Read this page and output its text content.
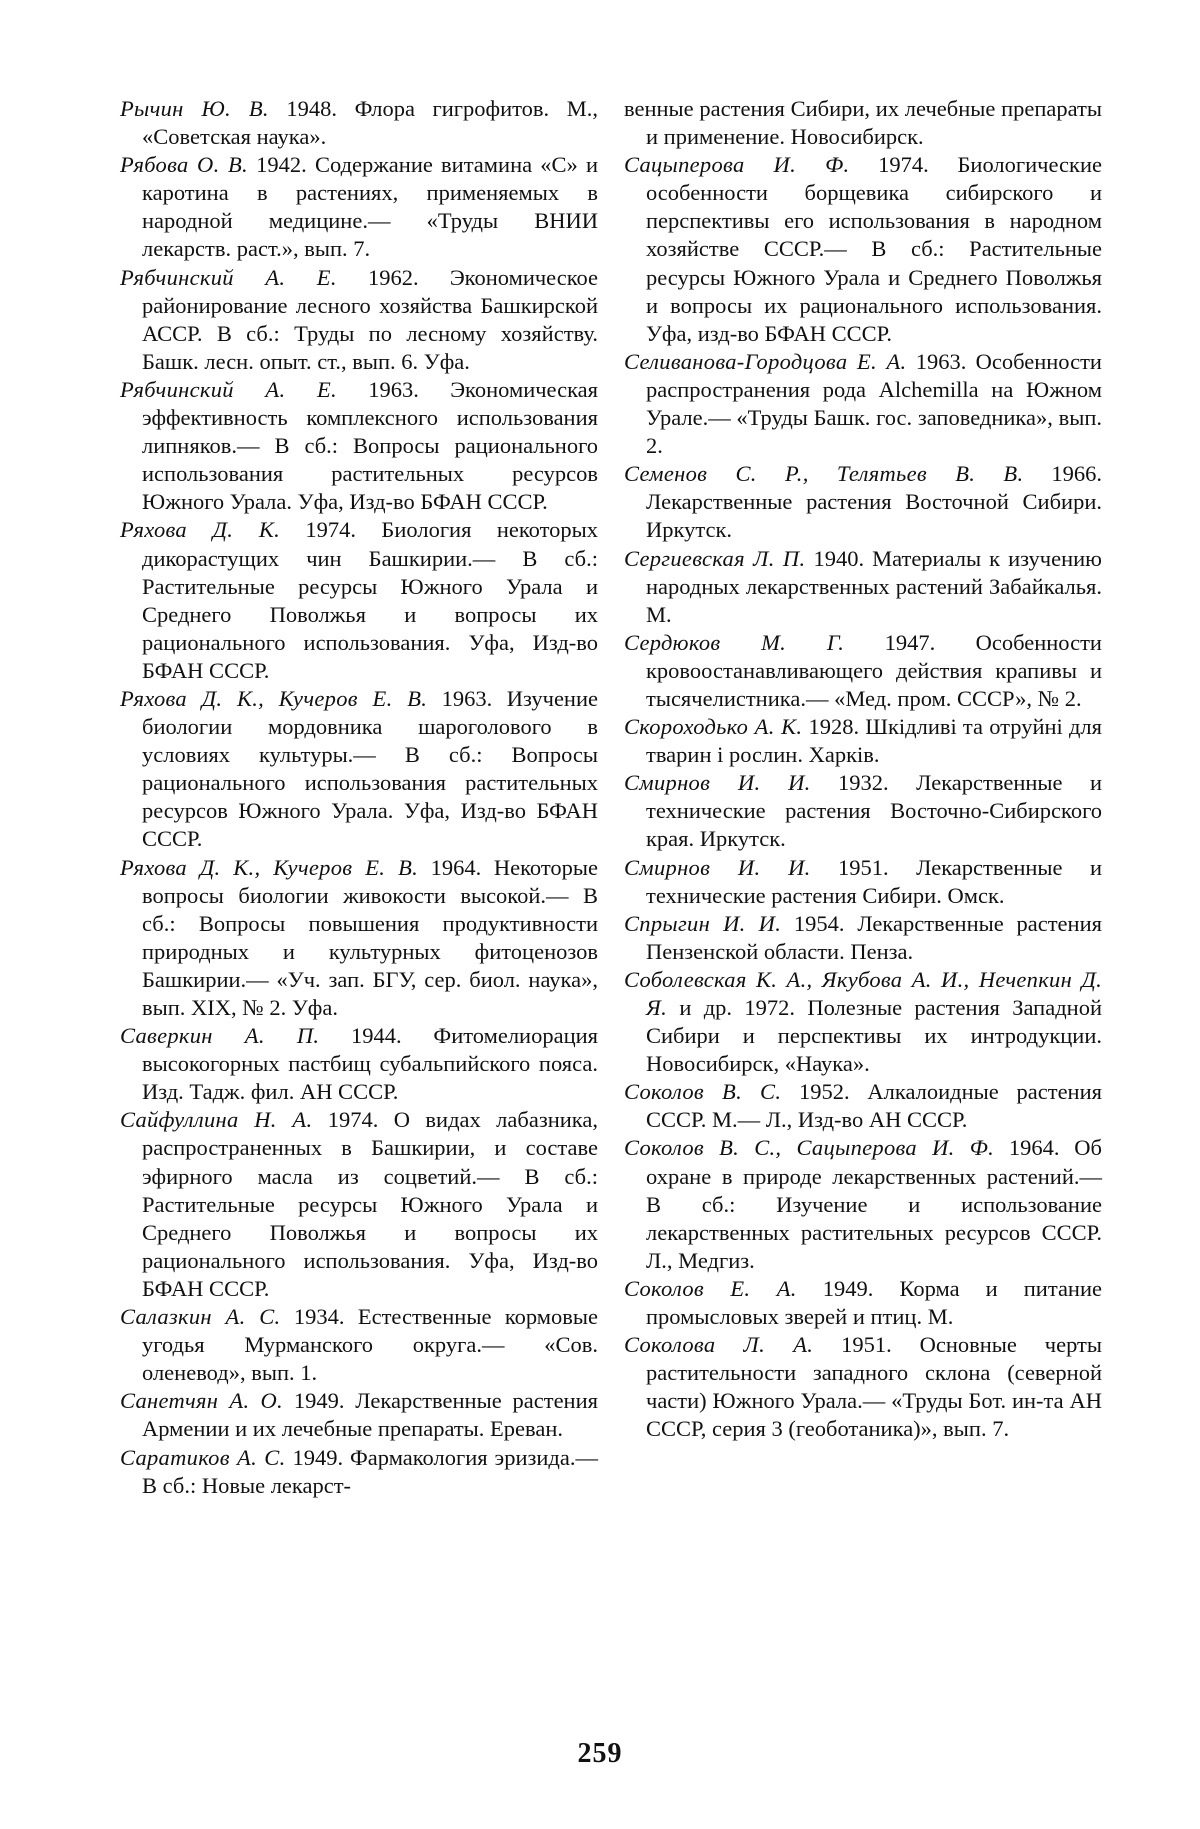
Рычин Ю. В. 1948. Флора гигрофитов. М., «Советская наука».
Рябова О. В. 1942. Содержание витамина «С» и каротина в растениях, применяемых в народной медицине.— «Труды ВНИИ лекарств. раст.», вып. 7.
Рябчинский А. Е. 1962. Экономическое районирование лесного хозяйства Башкирской АССР. В сб.: Труды по лесному хозяйству. Башк. лесн. опыт. ст., вып. 6. Уфа.
Рябчинский А. Е. 1963. Экономическая эффективность комплексного использования липняков.— В сб.: Вопросы рационального использования растительных ресурсов Южного Урала. Уфа, Изд-во БФАН СССР.
Ряхова Д. К. 1974. Биология некоторых дикорастущих чин Башкирии.— В сб.: Растительные ресурсы Южного Урала и Среднего Поволжья и вопросы их рационального использования. Уфа, Изд-во БФАН СССР.
Ряхова Д. К., Кучеров Е. В. 1963. Изучение биологии мордовника шароголового в условиях культуры.— В сб.: Вопросы рационального использования растительных ресурсов Южного Урала. Уфа, Изд-во БФАН СССР.
Ряхова Д. К., Кучеров Е. В. 1964. Некоторые вопросы биологии живокости высокой.— В сб.: Вопросы повышения продуктивности природных и культурных фитоценозов Башкирии.— «Уч. зап. БГУ, сер. биол. наука», вып. XIX, № 2. Уфа.
Саверкин А. П. 1944. Фитомелиорация высокогорных пастбищ субальпийского пояса. Изд. Тадж. фил. АН СССР.
Сайфуллина Н. А. 1974. О видах лабазника, распространенных в Башкирии, и составе эфирного масла из соцветий.— В сб.: Растительные ресурсы Южного Урала и Среднего Поволжья и вопросы их рационального использования. Уфа, Изд-во БФАН СССР.
Салазкин А. С. 1934. Естественные кормовые угодья Мурманского округа.— «Сов. оленевод», вып. 1.
Санетчян А. О. 1949. Лекарственные растения Армении и их лечебные препараты. Ереван.
Саратиков А. С. 1949. Фармакология эризида.— В сб.: Новые лекарст-
венные растения Сибири, их лечебные препараты и применение. Новосибирск.
Сацыперова И. Ф. 1974. Биологические особенности борщевика сибирского и перспективы его использования в народном хозяйстве СССР.— В сб.: Растительные ресурсы Южного Урала и Среднего Поволжья и вопросы их рационального использования. Уфа, изд-во БФАН СССР.
Селиванова-Городцова Е. А. 1963. Особенности распространения рода Alchemilla на Южном Урале.— «Труды Башк. гос. заповедника», вып. 2.
Семенов С. Р., Телятьев В. В. 1966. Лекарственные растения Восточной Сибири. Иркутск.
Сергиевская Л. П. 1940. Материалы к изучению народных лекарственных растений Забайкалья. М.
Сердюков М. Г. 1947. Особенности кровоостанавливающего действия крапивы и тысячелистника.— «Мед. пром. СССР», № 2.
Скороходько А. К. 1928. Шкідливі та отруйні для тварин і рослин. Харків.
Смирнов И. И. 1932. Лекарственные и технические растения Восточно-Сибирского края. Иркутск.
Смирнов И. И. 1951. Лекарственные и технические растения Сибири. Омск.
Спрыгин И. И. 1954. Лекарственные растения Пензенской области. Пенза.
Соболевская К. А., Якубова А. И., Нечепкин Д. Я. и др. 1972. Полезные растения Западной Сибири и перспективы их интродукции. Новосибирск, «Наука».
Соколов В. С. 1952. Алкалоидные растения СССР. М.— Л., Изд-во АН СССР.
Соколов В. С., Сацыперова И. Ф. 1964. Об охране в природе лекарственных растений.— В сб.: Изучение и использование лекарственных растительных ресурсов СССР. Л., Медгиз.
Соколов Е. А. 1949. Корма и питание промысловых зверей и птиц. М.
Соколова Л. А. 1951. Основные черты растительности западного склона (северной части) Южного Урала.— «Труды Бот. ин-та АН СССР, серия 3 (геоботаника)», вып. 7.
259
